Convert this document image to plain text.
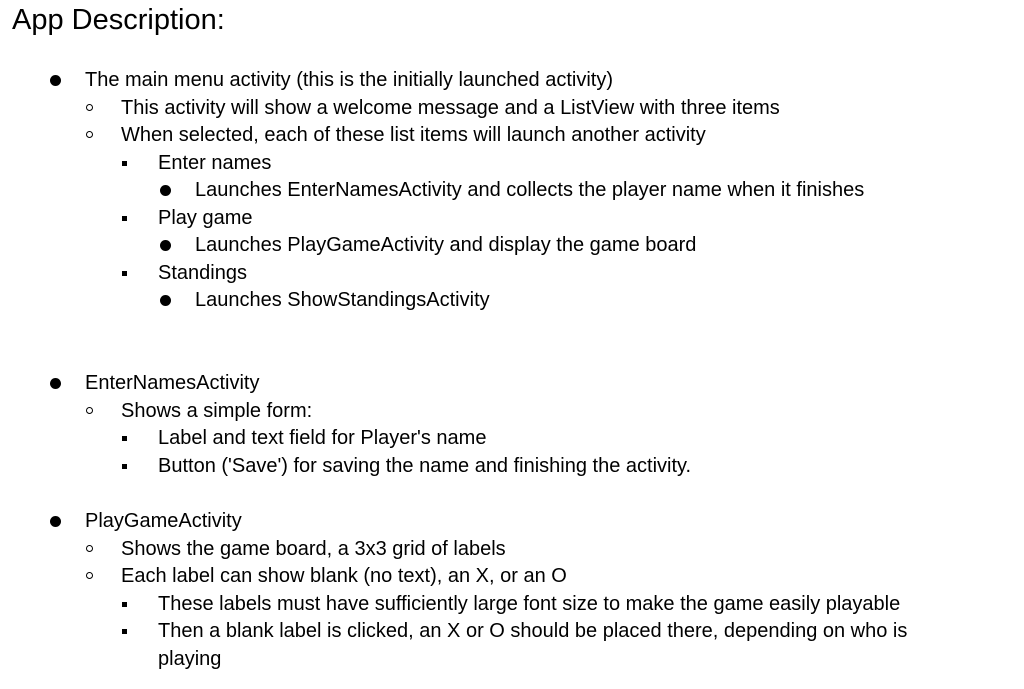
App Description:
The main menu activity (this is the initially launched activity)
This activity will show a welcome message and a ListView with three items
When selected, each of these list items will launch another activity
Enter names
Launches EnterNamesActivity and collects the player name when it finishes
Play game
Launches PlayGameActivity and display the game board
Standings
Launches ShowStandingsActivity
EnterNamesActivity
Shows a simple form:
Label and text field for Player's name
Button ('Save') for saving the name and finishing the activity.
PlayGameActivity
Shows the game board, a 3x3 grid of labels
Each label can show blank (no text), an X, or an O
These labels must have sufficiently large font size to make the game easily playable
Then a blank label is clicked, an X or O should be placed there, depending on who is
playing
